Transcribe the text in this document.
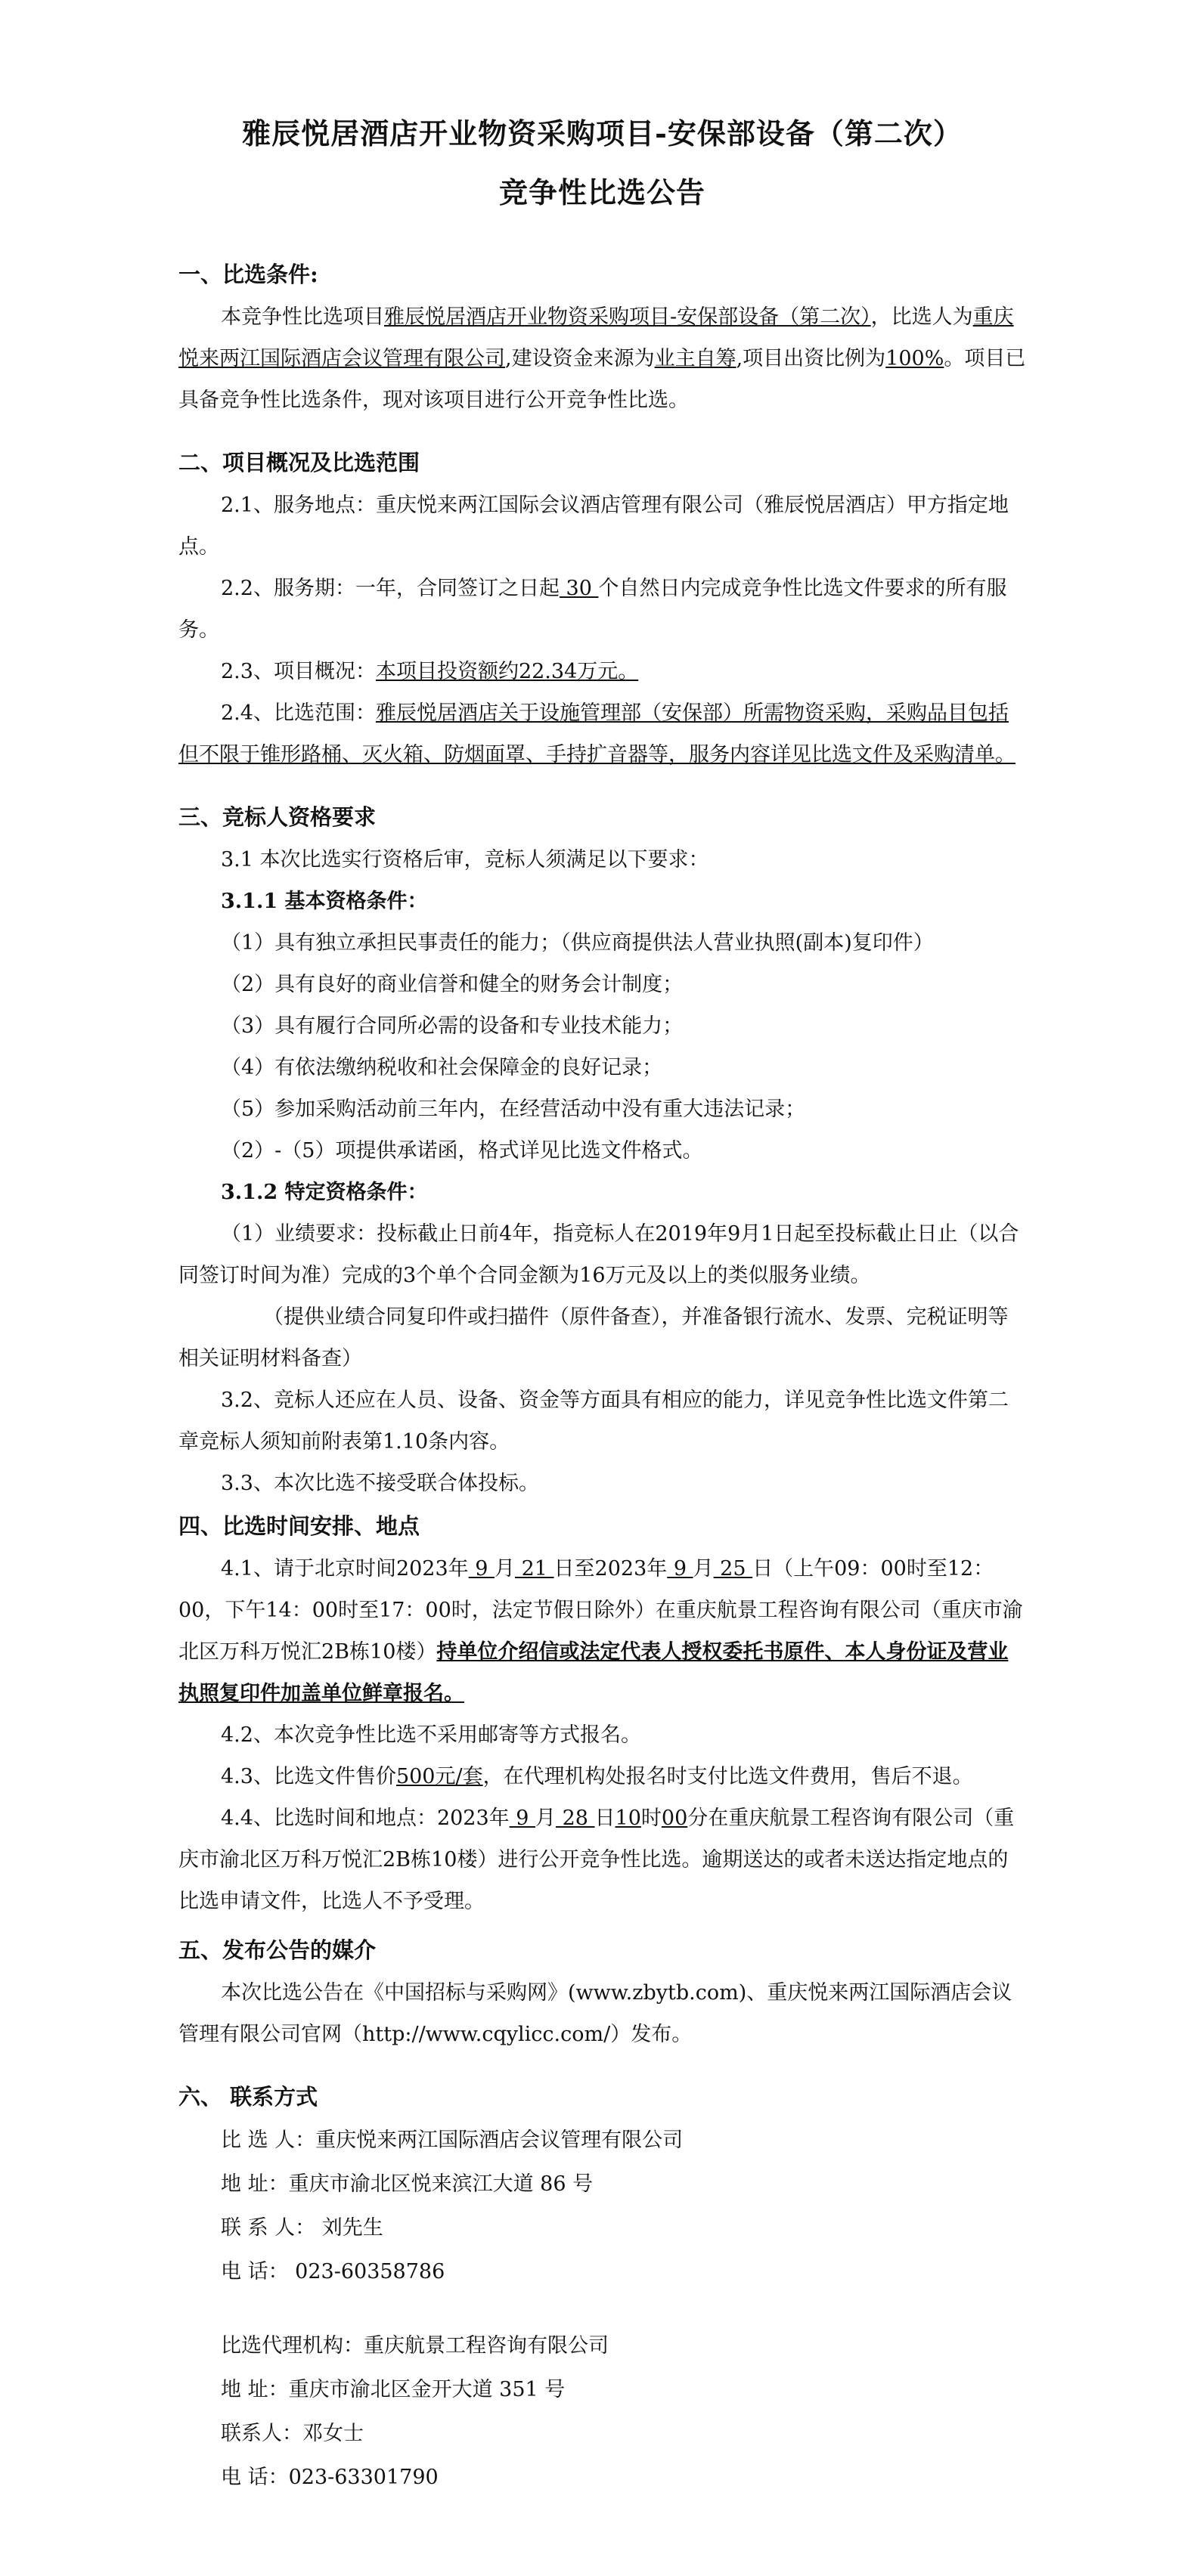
雅辰悦居酒店开业物资采购项目-安保部设备（第二次）
竞争性比选公告
一、比选条件:

本竞争性比选项目雅辰悦居酒店开业物资采购项目-安保部设备（第二次），比选人为重庆悦来两江国际酒店会议管理有限公司,建设资金来源为业主自筹,项目出资比例为100%。项目已具备竞争性比选条件，现对该项目进行公开竞争性比选。

二、项目概况及比选范围

2.1、服务地点：重庆悦来两江国际会议酒店管理有限公司（雅辰悦居酒店）甲方指定地点。

2.2、服务期：一年，合同签订之日起 30 个自然日内完成竞争性比选文件要求的所有服务。

2.3、项目概况：本项目投资额约22.34万元。

2.4、比选范围：雅辰悦居酒店关于设施管理部（安保部）所需物资采购，采购品目包括但不限于锥形路桶、灭火箱、防烟面罩、手持扩音器等，服务内容详见比选文件及采购清单。

三、竞标人资格要求

3.1 本次比选实行资格后审，竞标人须满足以下要求：

3.1.1 基本资格条件：

（1）具有独立承担民事责任的能力；（供应商提供法人营业执照(副本)复印件）

（2）具有良好的商业信誉和健全的财务会计制度；

（3）具有履行合同所必需的设备和专业技术能力；

（4）有依法缴纳税收和社会保障金的良好记录；

（5）参加采购活动前三年内，在经营活动中没有重大违法记录；

（2）-（5）项提供承诺函，格式详见比选文件格式。

3.1.2 特定资格条件：

（1）业绩要求：投标截止日前4年，指竞标人在2019年9月1日起至投标截止日止（以合同签订时间为准）完成的3个单个合同金额为16万元及以上的类似服务业绩。

（提供业绩合同复印件或扫描件（原件备查），并准备银行流水、发票、完税证明等相关证明材料备查）

3.2、竞标人还应在人员、设备、资金等方面具有相应的能力，详见竞争性比选文件第二章竞标人须知前附表第1.10条内容。

3.3、本次比选不接受联合体投标。

四、比选时间安排、地点

4.1、请于北京时间2023年 9 月 21 日至2023年 9 月 25 日（上午09：00时至12：00，下午14：00时至17：00时，法定节假日除外）在重庆航景工程咨询有限公司（重庆市渝北区万科万悦汇2B栋10楼）持单位介绍信或法定代表人授权委托书原件、本人身份证及营业执照复印件加盖单位鲜章报名。

4.2、本次竞争性比选不采用邮寄等方式报名。

4.3、比选文件售价500元/套，在代理机构处报名时支付比选文件费用，售后不退。

4.4、比选时间和地点：2023年 9 月 28 日10时00分在重庆航景工程咨询有限公司（重庆市渝北区万科万悦汇2B栋10楼）进行公开竞争性比选。逾期送达的或者未送达指定地点的比选申请文件，比选人不予受理。

五、发布公告的媒介

本次比选公告在《中国招标与采购网》(www.zbytb.com)、重庆悦来两江国际酒店会议管理有限公司官网（http://www.cqylicc.com/）发布。

六、 联系方式

比 选 人：重庆悦来两江国际酒店会议管理有限公司

地 址：重庆市渝北区悦来滨江大道 86 号

联 系 人： 刘先生

电 话： 023-60358786

比选代理机构：重庆航景工程咨询有限公司

地 址：重庆市渝北区金开大道 351 号

联系人：邓女士

电 话：023-63301790
